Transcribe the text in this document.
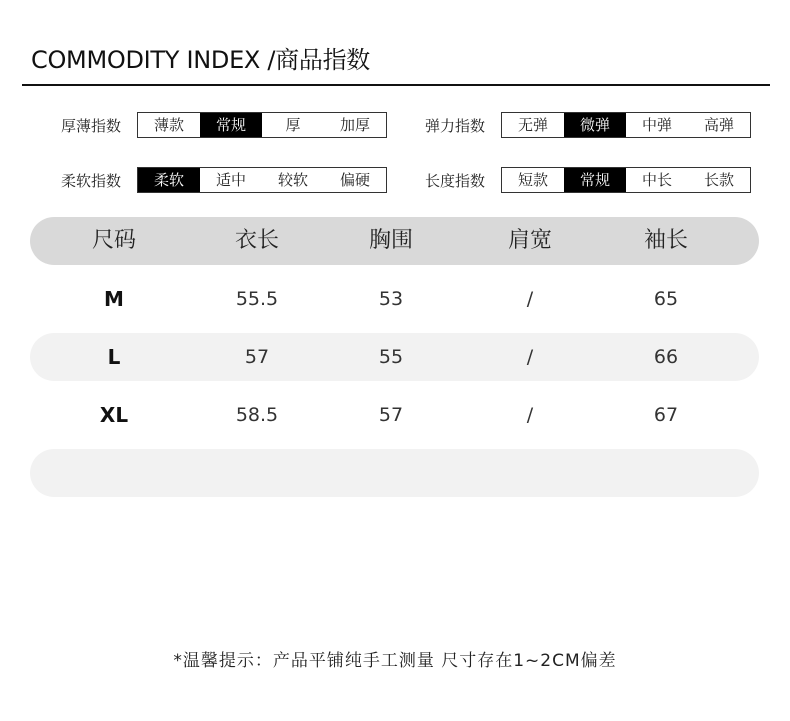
COMMODITY INDEX /商品指数
厚薄指数	薄款	常规	厚	加厚	弹力指数	无弹	微弹	中弹	高弹
柔软指数	柔软	适中	较软	偏硬	长度指数	短款	常规	中长	长款
尺码	衣长	胸围	肩宽	袖长
M	55.5	53	/	65
L	57	55	/	66
XL	58.5	57	/	67
*温馨提示：产品平铺纯手工测量 尺寸存在1~2CM偏差
